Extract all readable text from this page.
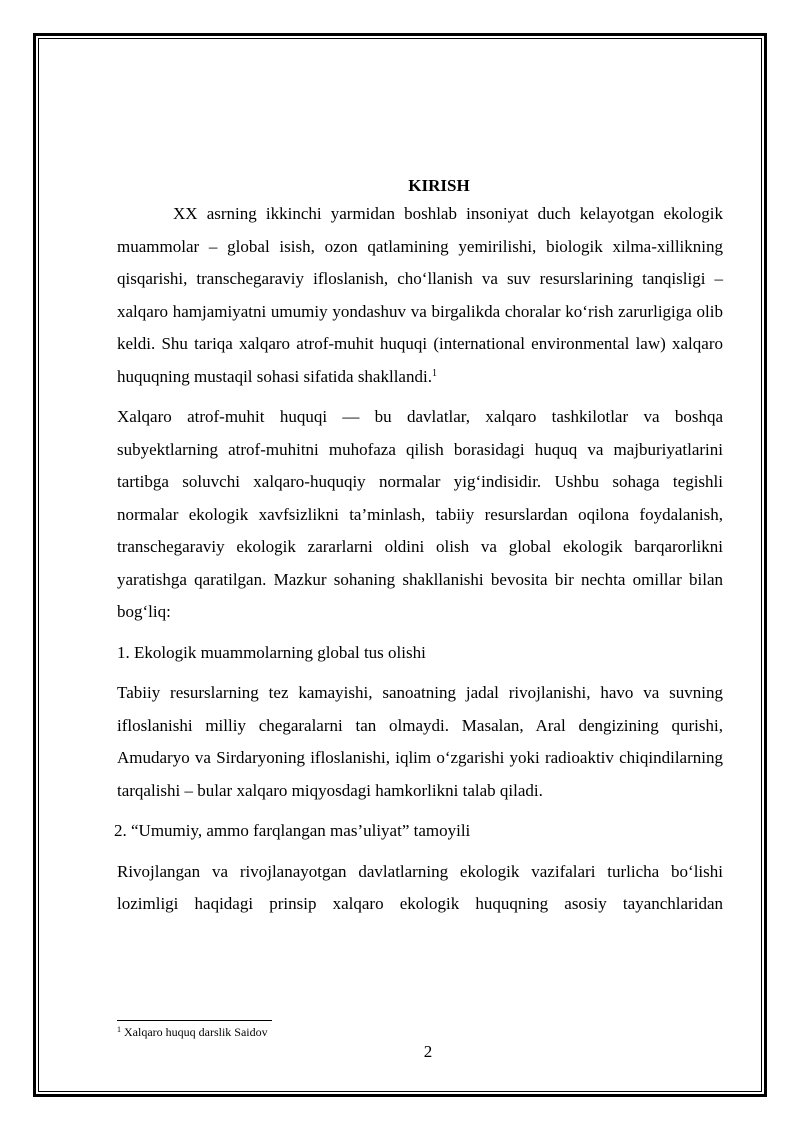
KIRISH

XX asrning ikkinchi yarmidan boshlab insoniyat duch kelayotgan ekologik muammolar – global isish, ozon qatlamining yemirilishi, biologik xilma-xillikning qisqarishi, transchegaraviy ifloslanish, cho‘llanish va suv resurslarining tanqisligi – xalqaro hamjamiyatni umumiy yondashuv va birgalikda choralar ko‘rish zarurligiga olib keldi. Shu tariqa xalqaro atrof-muhit huquqi (international environmental law) xalqaro huquqning mustaqil sohasi sifatida shakllandi.$^1$

Xalqaro atrof-muhit huquqi — bu davlatlar, xalqaro tashkilotlar va boshqa subyektlarning atrof-muhitni muhofaza qilish borasidagi huquq va majburiyatlarini tartibga soluvchi xalqaro-huquqiy normalar yig‘indisidir. Ushbu sohaga tegishli normalar ekologik xavfsizlikni ta’minlash, tabiiy resurslardan oqilona foydalanish, transchegaraviy ekologik zararlarni oldini olish va global ekologik barqarorlikni yaratishga qaratilgan. Mazkur sohaning shakllanishi bevosita bir nechta omillar bilan bog‘liq:

1. Ekologik muammolarning global tus olishi

Tabiiy resurslarning tez kamayishi, sanoatning jadal rivojlanishi, havo va suvning ifloslanishi milliy chegaralarni tan olmaydi. Masalan, Aral dengizining qurishi, Amudaryo va Sirdaryoning ifloslanishi, iqlim o‘zgarishi yoki radioaktiv chiqindilarning tarqalishi – bular xalqaro miqyosdagi hamkorlikni talab qiladi.

2. “Umumiy, ammo farqlangan mas’uliyat” tamoyili

Rivojlangan va rivojlanayotgan davlatlarning ekologik vazifalari turlicha bo‘lishi lozimligi haqidagi prinsip xalqaro ekologik huquqning asosiy tayanchlaridan

$^1$ Xalqaro huquq darslik Saidov
2
